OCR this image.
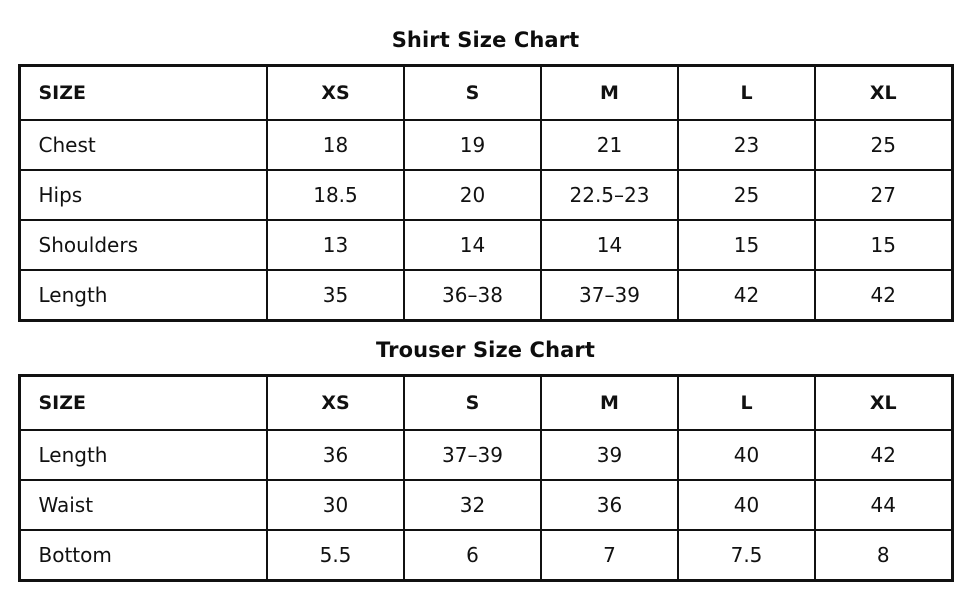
Shirt Size Chart
SIZE	XS	S	M	L	XL
Chest	18	19	21	23	25
Hips	18.5	20	22.5–23	25	27
Shoulders	13	14	14	15	15
Length	35	36–38	37–39	42	42
Trouser Size Chart
SIZE	XS	S	M	L	XL
Length	36	37–39	39	40	42
Waist	30	32	36	40	44
Bottom	5.5	6	7	7.5	8
